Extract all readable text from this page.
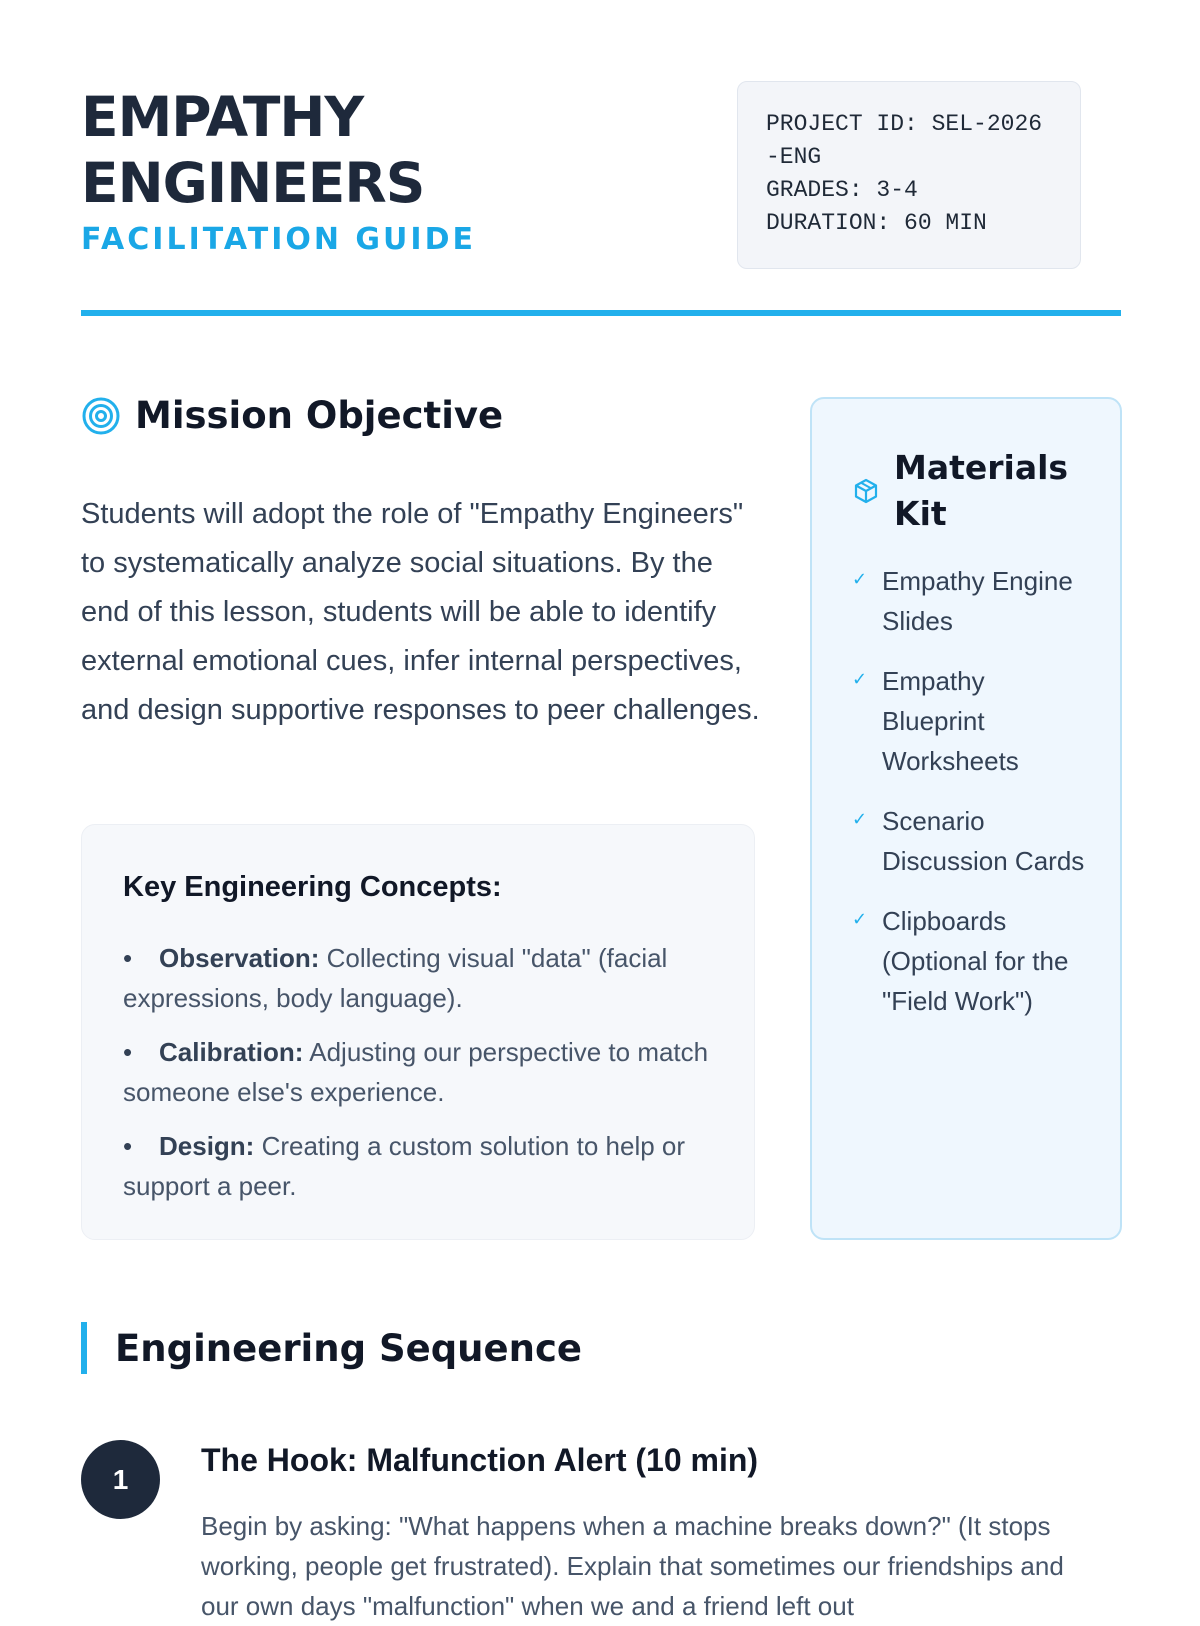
EMPATHY
ENGINEERS
FACILITATION GUIDE
PROJECT ID: SEL-2026-ENG
GRADES: 3-4
DURATION: 60 MIN
Mission Objective

Students will adopt the role of "Empathy Engineers" to systematically analyze social situations. By the end of this lesson, students will be able to identify external emotional cues, infer internal perspectives, and design supportive responses to peer challenges.

Key Engineering Concepts:
• Observation: Collecting visual "data" (facial expressions, body language).
• Calibration: Adjusting our perspective to match someone else's experience.
• Design: Creating a custom solution to help or support a peer.
Materials Kit
✓ Empathy Engine Slides
✓ Empathy Blueprint Worksheets
✓ Scenario Discussion Cards
✓ Clipboards (Optional for the "Field Work")
Engineering Sequence
1
The Hook: Malfunction Alert (10 min)

Begin by asking: "What happens when a machine breaks down?" (It stops working, people get frustrated). Explain that sometimes our friendships and our own days "malfunction" when we and a friend left out
